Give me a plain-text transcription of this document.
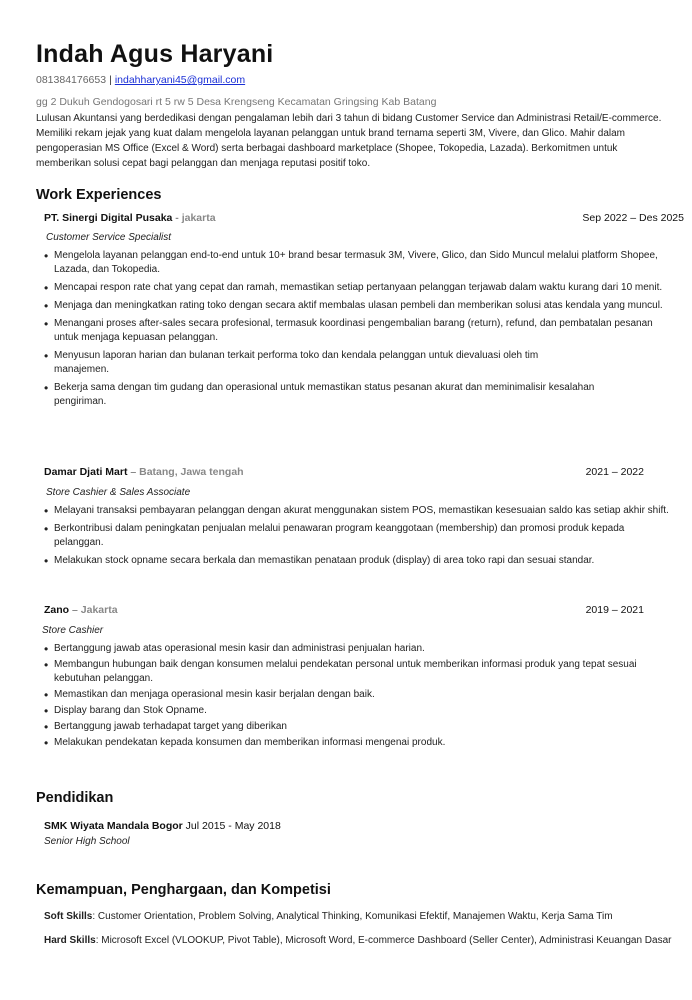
Indah Agus Haryani
081384176653 | indahharyani45@gmail.com
gg 2 Dukuh Gendogosari rt 5 rw 5 Desa Krengseng Kecamatan Gringsing Kab Batang
Lulusan Akuntansi yang berdedikasi dengan pengalaman lebih dari 3 tahun di bidang Customer Service dan Administrasi Retail/E-commerce. Memiliki rekam jejak yang kuat dalam mengelola layanan pelanggan untuk brand ternama seperti 3M, Vivere, dan Glico. Mahir dalam pengoperasian MS Office (Excel & Word) serta berbagai dashboard marketplace (Shopee, Tokopedia, Lazada). Berkomitmen untuk memberikan solusi cepat bagi pelanggan dan menjaga reputasi positif toko.
Work Experiences
PT. Sinergi Digital Pusaka - jakarta	Sep 2022 – Des 2025
Customer Service Specialist
• Mengelola layanan pelanggan end-to-end untuk 10+ brand besar termasuk 3M, Vivere, Glico, dan Sido Muncul melalui platform Shopee, Lazada, dan Tokopedia.
• Mencapai respon rate chat yang cepat dan ramah, memastikan setiap pertanyaan pelanggan terjawab dalam waktu kurang dari 10 menit.
• Menjaga dan meningkatkan rating toko dengan secara aktif membalas ulasan pembeli dan memberikan solusi atas kendala yang muncul.
• Menangani proses after-sales secara profesional, termasuk koordinasi pengembalian barang (return), refund, dan pembatalan pesanan untuk menjaga kepuasan pelanggan.
• Menyusun laporan harian dan bulanan terkait performa toko dan kendala pelanggan untuk dievaluasi oleh tim manajemen.
• Bekerja sama dengan tim gudang dan operasional untuk memastikan status pesanan akurat dan meminimalisir kesalahan pengiriman.
Damar Djati Mart – Batang, Jawa tengah	2021 – 2022
Store Cashier & Sales Associate
• Melayani transaksi pembayaran pelanggan dengan akurat menggunakan sistem POS, memastikan kesesuaian saldo kas setiap akhir shift.
• Berkontribusi dalam peningkatan penjualan melalui penawaran program keanggotaan (membership) dan promosi produk kepada pelanggan.
• Melakukan stock opname secara berkala dan memastikan penataan produk (display) di area toko rapi dan sesuai standar.
Zano – Jakarta	2019 – 2021
Store Cashier
• Bertanggung jawab atas operasional mesin kasir dan administrasi penjualan harian.
• Membangun hubungan baik dengan konsumen melalui pendekatan personal untuk memberikan informasi produk yang tepat sesuai kebutuhan pelanggan.
• Memastikan dan menjaga operasional mesin kasir berjalan dengan baik.
• Display barang dan Stok Opname.
• Bertanggung jawab terhadapat target yang diberikan
• Melakukan pendekatan kepada konsumen dan memberikan informasi mengenai produk.
Pendidikan
SMK Wiyata Mandala Bogor Jul 2015 - May 2018
Senior High School
Kemampuan, Penghargaan, dan Kompetisi
Soft Skills: Customer Orientation, Problem Solving, Analytical Thinking, Komunikasi Efektif, Manajemen Waktu, Kerja Sama Tim
Hard Skills: Microsoft Excel (VLOOKUP, Pivot Table), Microsoft Word, E-commerce Dashboard (Seller Center), Administrasi Keuangan Dasar
